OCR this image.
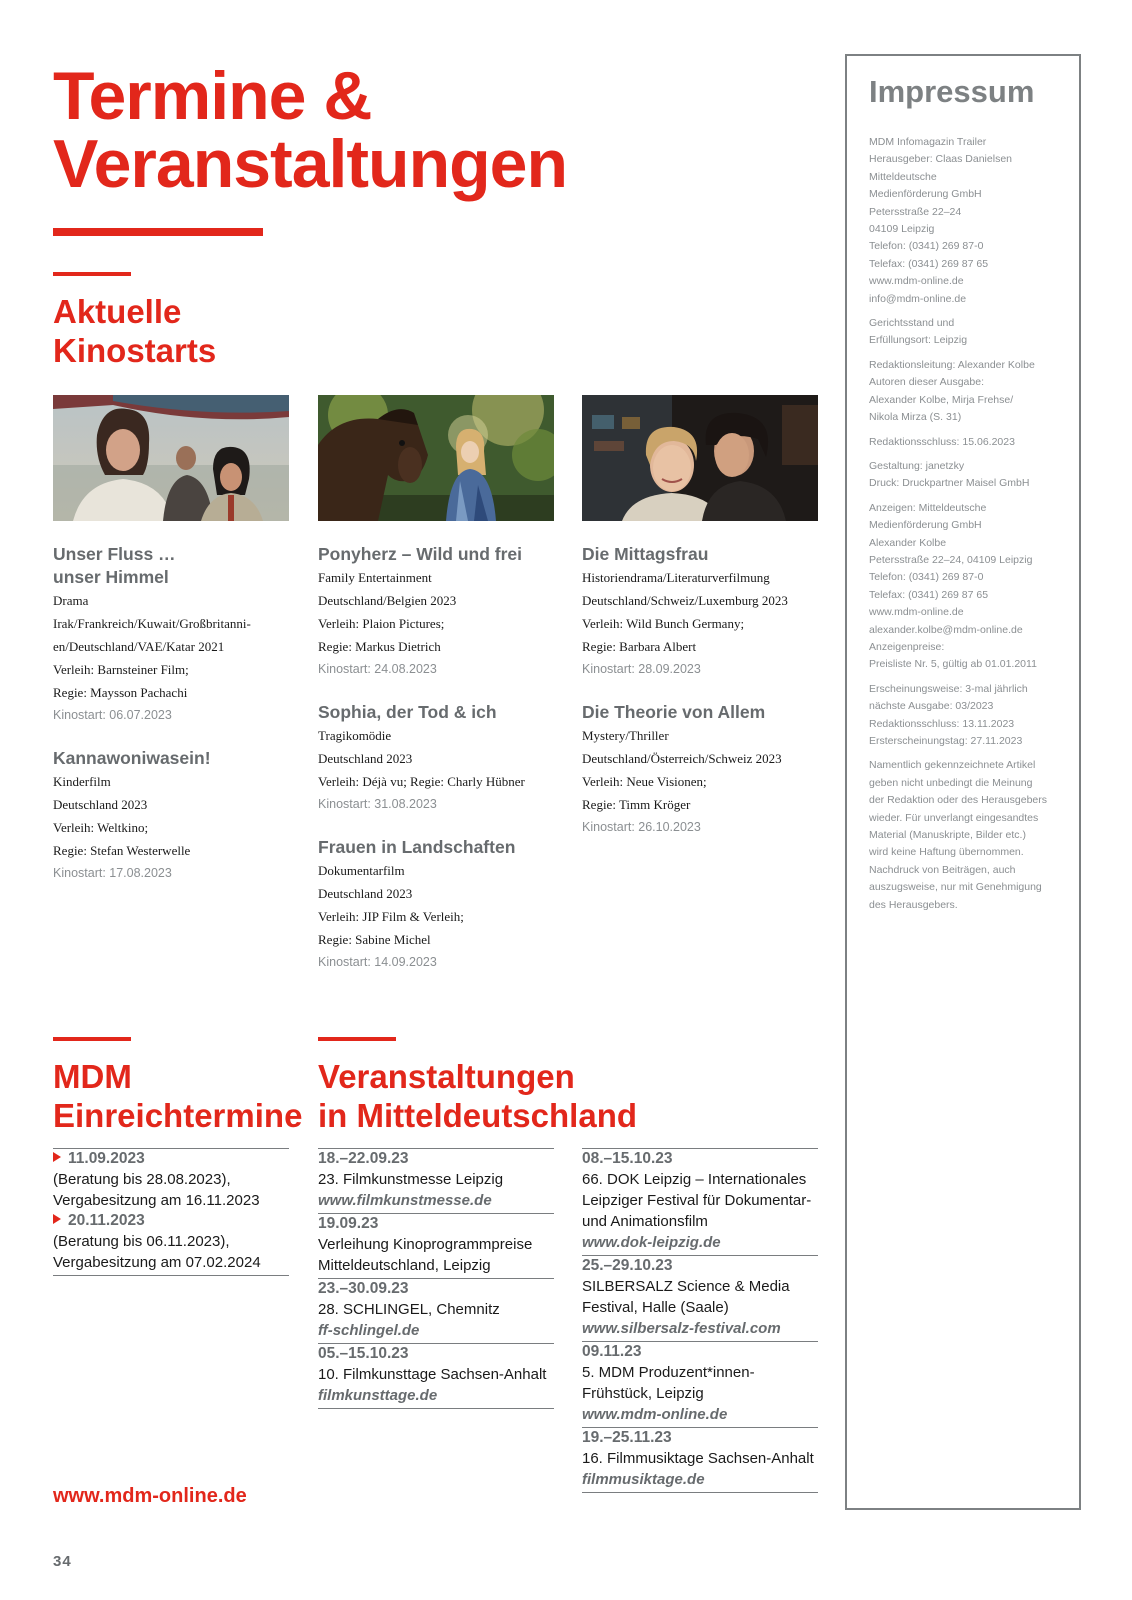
Termine &
Veranstaltungen
Aktuelle
Kinostarts
Unser Fluss …
unser Himmel
Drama
Irak/Frankreich/Kuwait/Großbritanni-
en/Deutschland/VAE/Katar 2021
Verleih: Barnsteiner Film;
Regie: Maysson Pachachi
Kinostart: 06.07.2023
Kannawoniwasein!
Kinderfilm
Deutschland 2023
Verleih: Weltkino;
Regie: Stefan Westerwelle
Kinostart: 17.08.2023
Ponyherz – Wild und frei
Family Entertainment
Deutschland/Belgien 2023
Verleih: Plaion Pictures;
Regie: Markus Dietrich
Kinostart: 24.08.2023
Sophia, der Tod & ich
Tragikomödie
Deutschland 2023
Verleih: Déjà vu; Regie: Charly Hübner
Kinostart: 31.08.2023
Frauen in Landschaften
Dokumentarfilm
Deutschland 2023
Verleih: JIP Film & Verleih;
Regie: Sabine Michel
Kinostart: 14.09.2023
Die Mittagsfrau
Historiendrama/Literaturverfilmung
Deutschland/Schweiz/Luxemburg 2023
Verleih: Wild Bunch Germany;
Regie: Barbara Albert
Kinostart: 28.09.2023
Die Theorie von Allem
Mystery/Thriller
Deutschland/Österreich/Schweiz 2023
Verleih: Neue Visionen;
Regie: Timm Kröger
Kinostart: 26.10.2023
MDM
Einreichtermine
11.09.2023
(Beratung bis 28.08.2023),
Vergabesitzung am 16.11.2023
20.11.2023
(Beratung bis 06.11.2023),
Vergabesitzung am 07.02.2024
Veranstaltungen
in Mitteldeutschland
18.–22.09.23
23. Filmkunstmesse Leipzig
www.filmkunstmesse.de
19.09.23
Verleihung Kinoprogrammpreise
Mitteldeutschland, Leipzig
23.–30.09.23
28. SCHLINGEL, Chemnitz
ff-schlingel.de
05.–15.10.23
10. Filmkunsttage Sachsen-Anhalt
filmkunsttage.de
08.–15.10.23
66. DOK Leipzig – Internationales
Leipziger Festival für Dokumentar-
und Animationsfilm
www.dok-leipzig.de
25.–29.10.23
SILBERSALZ Science & Media
Festival, Halle (Saale)
www.silbersalz-festival.com
09.11.23
5. MDM Produzent*innen-
Frühstück, Leipzig
www.mdm-online.de
19.–25.11.23
16. Filmmusiktage Sachsen-Anhalt
filmmusiktage.de
Impressum
MDM Infomagazin Trailer
Herausgeber: Claas Danielsen
Mitteldeutsche
Medienförderung GmbH
Petersstraße 22–24
04109 Leipzig
Telefon: (0341) 269 87-0
Telefax: (0341) 269 87 65
www.mdm-online.de
info@mdm-online.de
Gerichtsstand und
Erfüllungsort: Leipzig
Redaktionsleitung: Alexander Kolbe
Autoren dieser Ausgabe:
Alexander Kolbe, Mirja Frehse/
Nikola Mirza (S. 31)
Redaktionsschluss: 15.06.2023
Gestaltung: janetzky
Druck: Druckpartner Maisel GmbH
Anzeigen: Mitteldeutsche
Medienförderung GmbH
Alexander Kolbe
Petersstraße 22–24, 04109 Leipzig
Telefon: (0341) 269 87-0
Telefax: (0341) 269 87 65
www.mdm-online.de
alexander.kolbe@mdm-online.de
Anzeigenpreise:
Preisliste Nr. 5, gültig ab 01.01.2011
Erscheinungsweise: 3-mal jährlich
nächste Ausgabe: 03/2023
Redaktionsschluss: 13.11.2023
Ersterscheinungstag: 27.11.2023
Namentlich gekennzeichnete Artikel
geben nicht unbedingt die Meinung
der Redaktion oder des Herausgebers
wieder. Für unverlangt eingesandtes
Material (Manuskripte, Bilder etc.)
wird keine Haftung übernommen.
Nachdruck von Beiträgen, auch
auszugsweise, nur mit Genehmigung
des Herausgebers.
www.mdm-online.de
34
